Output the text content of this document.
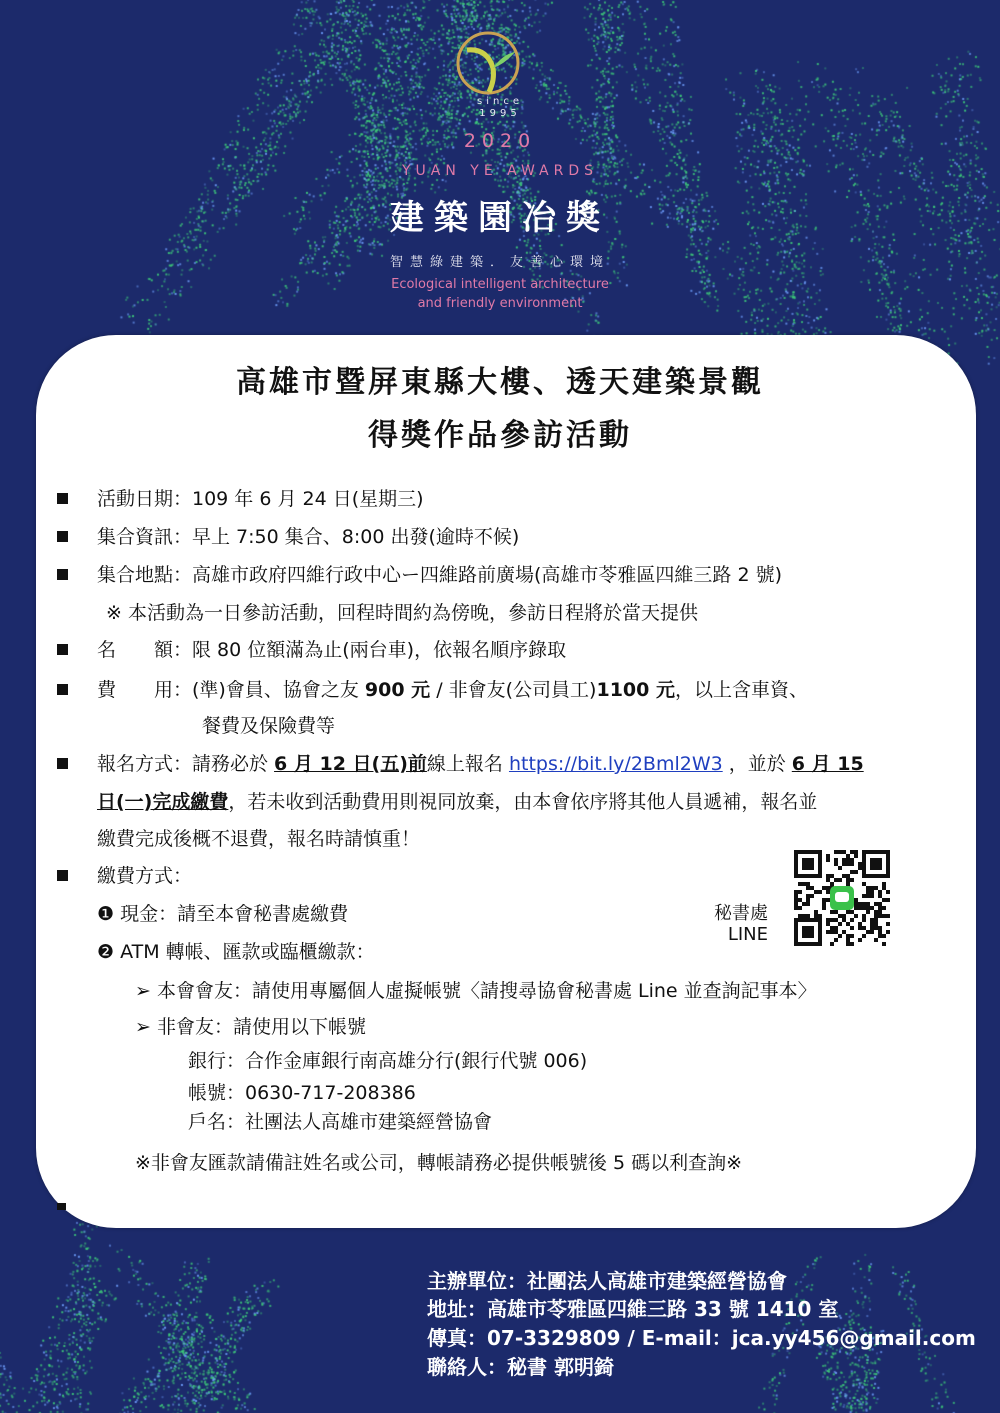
since
1995
2020
YUAN YE AWARDS
建築園冶獎
智慧綠建築．友善心環境
Ecological intelligent architecture
and friendly environment
高雄市暨屏東縣大樓、透天建築景觀
得獎作品參訪活動
活動日期：109 年 6 月 24 日(星期三)
集合資訊：早上 7:50 集合、8:00 出發(逾時不候)
集合地點：高雄市政府四維行政中心ー四維路前廣場(高雄市苓雅區四維三路 2 號)
※ 本活動為一日參訪活動，回程時間約為傍晚，參訪日程將於當天提供
名　　額：限 80 位額滿為止(兩台車)，依報名順序錄取
費　　用：(準)會員、協會之友 900 元 / 非會友(公司員工)1100 元，以上含車資、
餐費及保險費等
報名方式：請務必於 6 月 12 日(五)前線上報名 https://bit.ly/2Bml2W3 ，並於 6 月 15
日(一)完成繳費，若未收到活動費用則視同放棄，由本會依序將其他人員遞補，報名並
繳費完成後概不退費，報名時請慎重！
繳費方式：
❶ 現金：請至本會秘書處繳費
❷ ATM 轉帳、匯款或臨櫃繳款：
➢ 本會會友：請使用專屬個人虛擬帳號〈請搜尋協會秘書處 Line 並查詢記事本〉
➢ 非會友：請使用以下帳號
銀行：合作金庫銀行南高雄分行(銀行代號 006)
帳號：0630-717-208386
戶名：社團法人高雄市建築經營協會
※非會友匯款請備註姓名或公司，轉帳請務必提供帳號後 5 碼以利查詢※
秘書處
LINE
主辦單位：社團法人高雄市建築經營協會
地址：高雄市苓雅區四維三路 33 號 1410 室
傳真：07-3329809 / E-mail：jca.yy456@gmail.com
聯絡人：秘書 郭明錡
